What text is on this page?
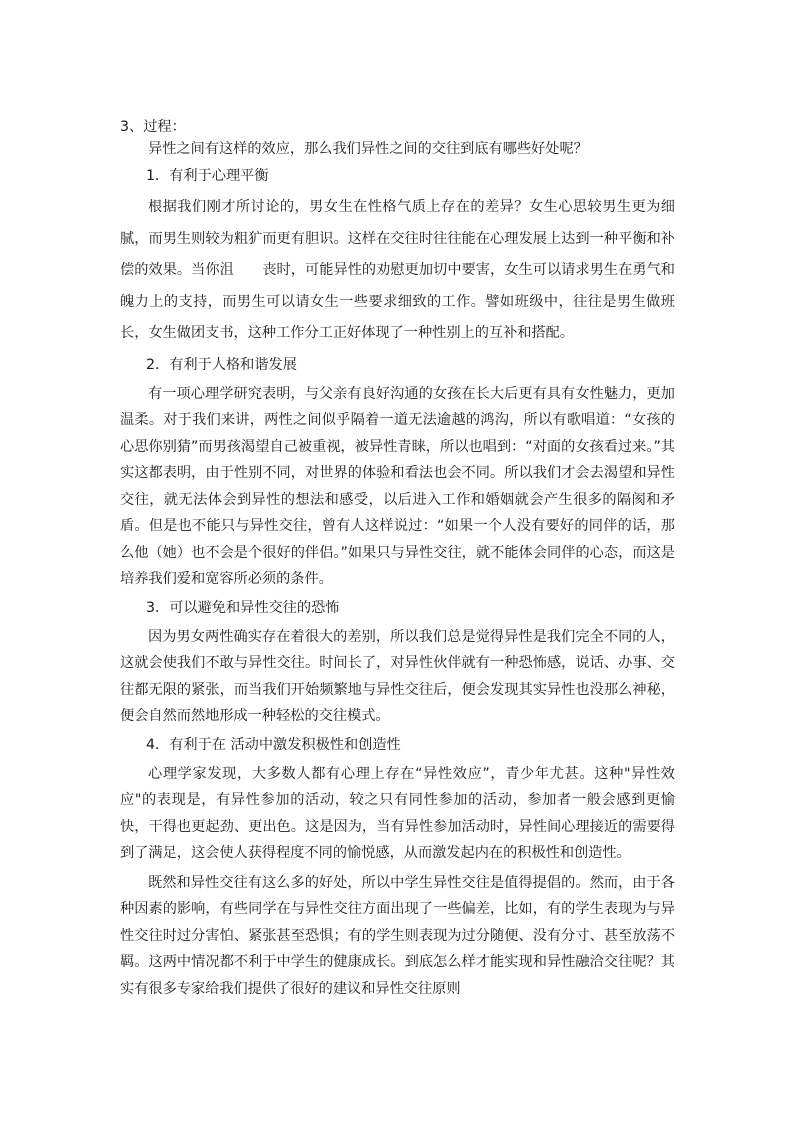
3、过程：

异性之间有这样的效应，那么我们异性之间的交往到底有哪些好处呢？

1．有利于心理平衡

根据我们刚才所讨论的，男女生在性格气质上存在的差异？女生心思较男生更为细腻，而男生则较为粗犷而更有胆识。这样在交往时往往能在心理发展上达到一种平衡和补偿的效果。当你沮　　丧时，可能异性的劝慰更加切中要害，女生可以请求男生在勇气和魄力上的支持，而男生可以请女生一些要求细致的工作。譬如班级中，往往是男生做班长，女生做团支书，这种工作分工正好体现了一种性别上的互补和搭配。

2．有利于人格和谐发展

有一项心理学研究表明，与父亲有良好沟通的女孩在长大后更有具有女性魅力，更加温柔。对于我们来讲，两性之间似乎隔着一道无法逾越的鸿沟，所以有歌唱道：“女孩的心思你别猜”而男孩渴望自己被重视，被异性青睐，所以也唱到：“对面的女孩看过来。”其实这都表明，由于性别不同，对世界的体验和看法也会不同。所以我们才会去渴望和异性交往，就无法体会到异性的想法和感受，以后进入工作和婚姻就会产生很多的隔阂和矛盾。但是也不能只与异性交往，曾有人这样说过：“如果一个人没有要好的同伴的话，那么他（她）也不会是个很好的伴侣。”如果只与异性交往，就不能体会同伴的心态，而这是培养我们爱和宽容所必须的条件。

3．可以避免和异性交往的恐怖

因为男女两性确实存在着很大的差别，所以我们总是觉得异性是我们完全不同的人，这就会使我们不敢与异性交往。时间长了，对异性伙伴就有一种恐怖感，说话、办事、交往都无限的紧张，而当我们开始频繁地与异性交往后，便会发现其实异性也没那么神秘，便会自然而然地形成一种轻松的交往模式。

4．有利于在 活动中激发积极性和创造性

心理学家发现，大多数人都有心理上存在“异性效应”，青少年尤甚。这种"异性效应"的表现是，有异性参加的活动，较之只有同性参加的活动，参加者一般会感到更愉快，干得也更起劲、更出色。这是因为，当有异性参加活动时，异性间心理接近的需要得到了满足，这会使人获得程度不同的愉悦感，从而激发起内在的积极性和创造性。

既然和异性交往有这么多的好处，所以中学生异性交往是值得提倡的。然而，由于各种因素的影响，有些同学在与异性交往方面出现了一些偏差，比如，有的学生表现为与异性交往时过分害怕、紧张甚至恐惧；有的学生则表现为过分随便、没有分寸、甚至放荡不羁。这两中情况都不利于中学生的健康成长。到底怎么样才能实现和异性融洽交往呢？其实有很多专家给我们提供了很好的建议和异性交往原则
